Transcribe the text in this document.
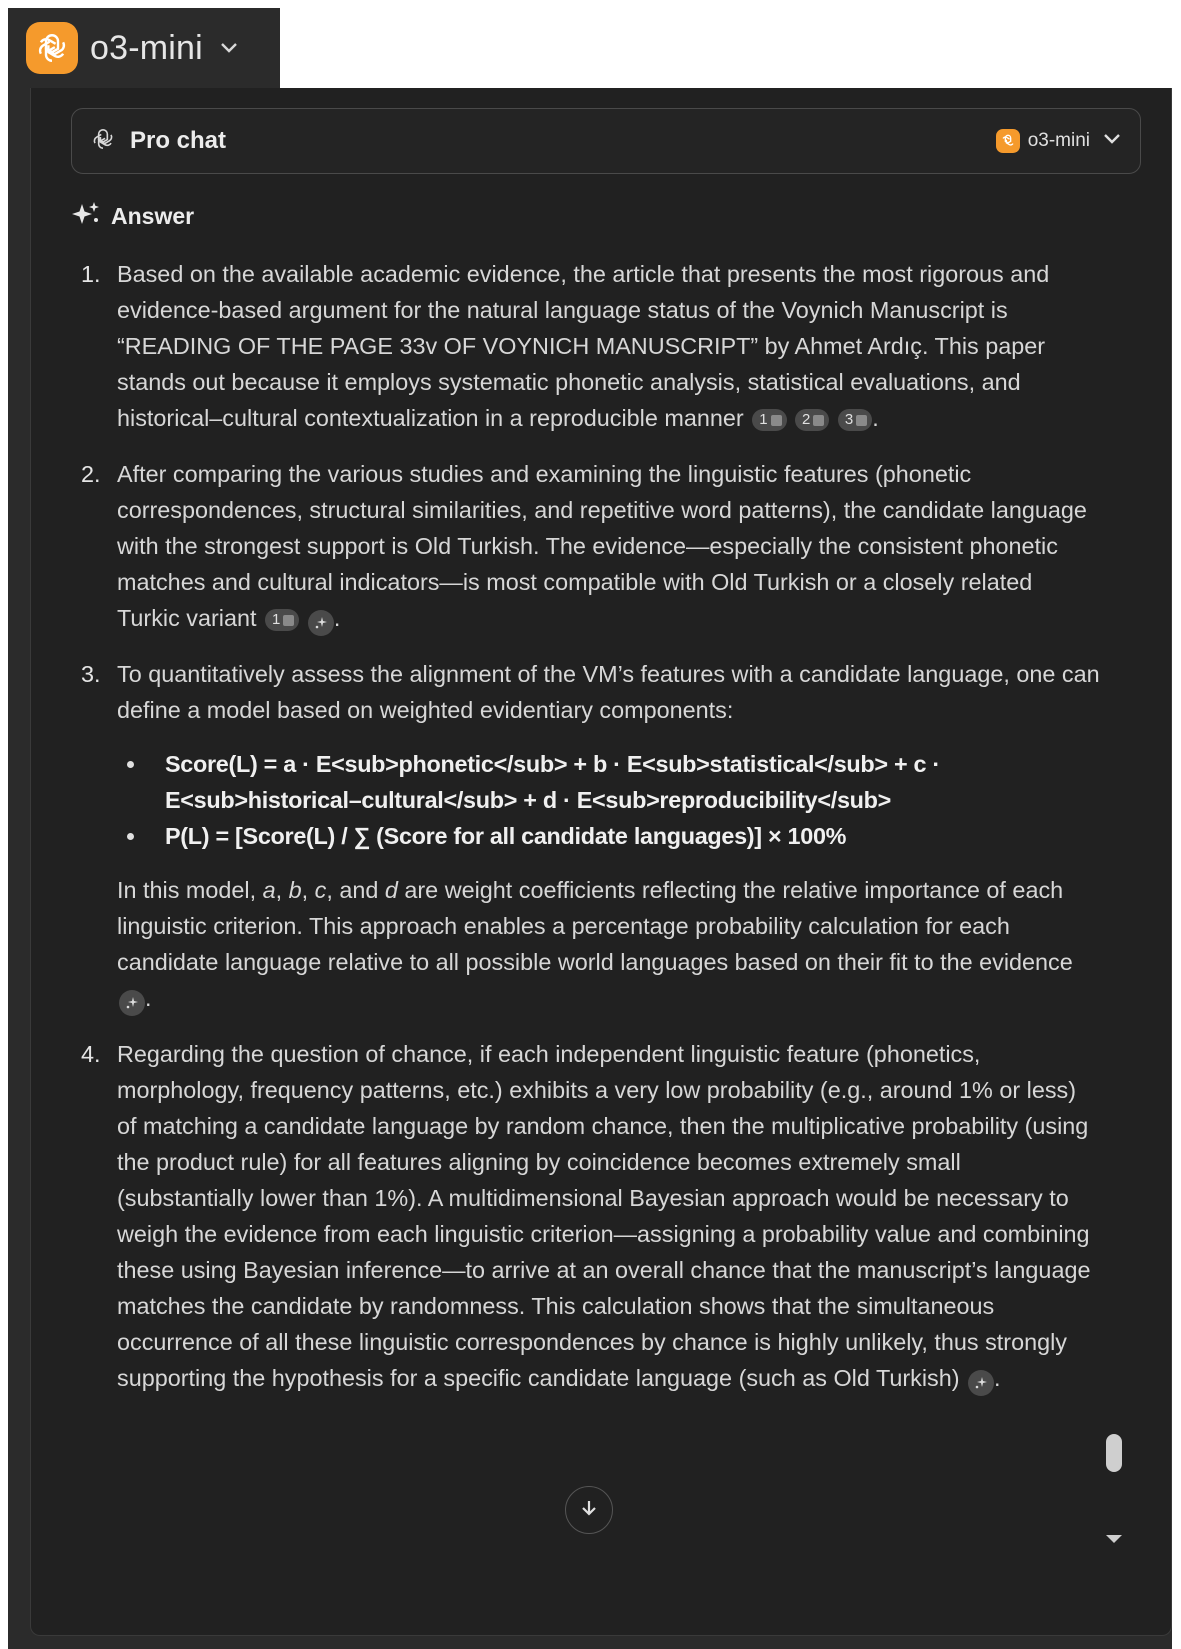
o3-mini
Pro chat	o3-mini
Answer
1. Based on the available academic evidence, the article that presents the most rigorous and evidence-based argument for the natural language status of the Voynich Manuscript is “READING OF THE PAGE 33v OF VOYNICH MANUSCRIPT” by Ahmet Ardıç. This paper stands out because it employs systematic phonetic analysis, statistical evaluations, and historical–cultural contextualization in a reproducible manner 1
2
3 .
2. After comparing the various studies and examining the linguistic features (phonetic correspondences, structural similarities, and repetitive word patterns), the candidate language with the strongest support is Old Turkish. The evidence—especially the consistent phonetic matches and cultural indicators—is most compatible with Old Turkish or a closely related Turkic variant 1
.
3. To quantitatively assess the alignment of the VM’s features with a candidate language, one can define a model based on weighted evidentiary components:
Score(L) = a · E<sub>phonetic</sub> + b · E<sub>statistical</sub> + c · E<sub>historical–cultural</sub> + d · E<sub>reproducibility</sub>
P(L) = [Score(L) / ∑ (Score for all candidate languages)] × 100%
In this model, a, b, c, and d are weight coefficients reflecting the relative importance of each linguistic criterion. This approach enables a percentage probability calculation for each candidate language relative to all possible world languages based on their fit to the evidence
.
4. Regarding the question of chance, if each independent linguistic feature (phonetics, morphology, frequency patterns, etc.) exhibits a very low probability (e.g., around 1% or less) of matching a candidate language by random chance, then the multiplicative probability (using the product rule) for all features aligning by coincidence becomes extremely small (substantially lower than 1%). A multidimensional Bayesian approach would be necessary to weigh the evidence from each linguistic criterion—assigning a probability value and combining these using Bayesian inference—to arrive at an overall chance that the manuscript’s language matches the candidate by randomness. This calculation shows that the simultaneous occurrence of all these linguistic correspondences by chance is highly unlikely, thus strongly supporting the hypothesis for a specific candidate language (such as Old Turkish) .
